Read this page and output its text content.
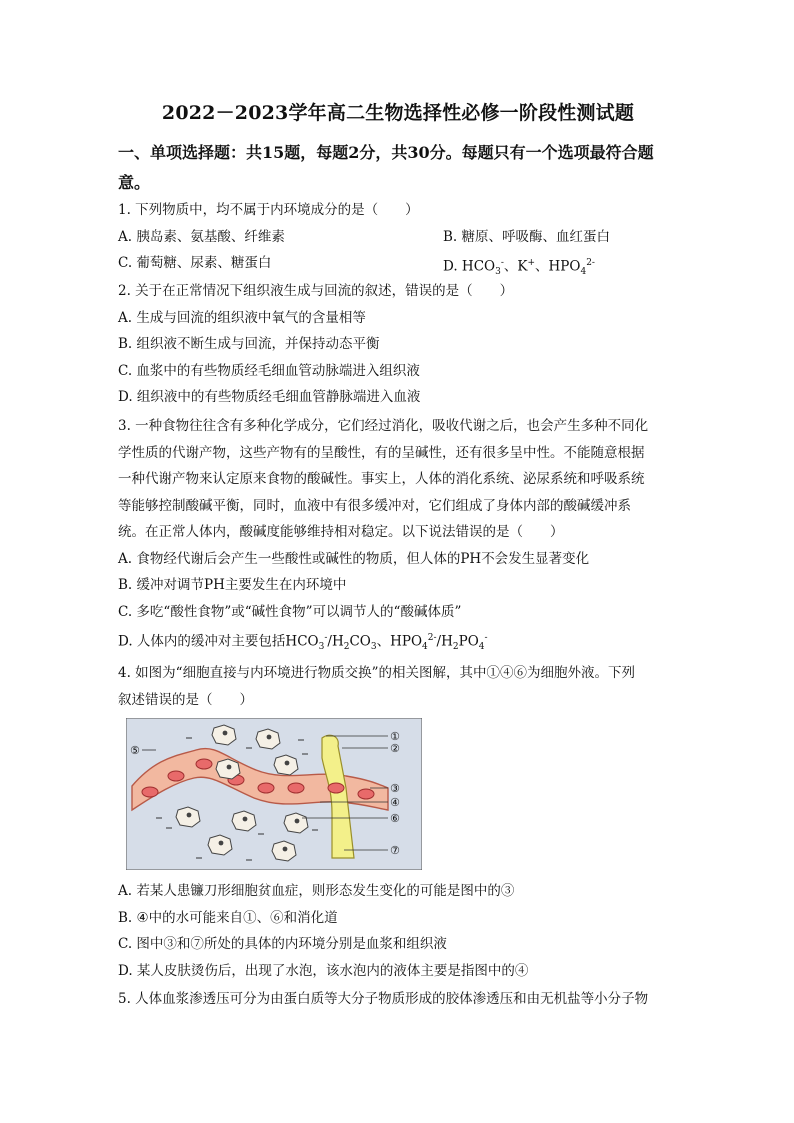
2022－2023学年高二生物选择性必修一阶段性测试题
一、单项选择题：共15题，每题2分，共30分。每题只有一个选项最符合题意。
1. 下列物质中，均不属于内环境成分的是（　　）
A. 胰岛素、氨基酸、纤维素	B. 糖原、呼吸酶、血红蛋白
C. 葡萄糖、尿素、糖蛋白	D. $HCO_3^-$、K+、$HPO_4^{2-}$
2. 关于在正常情况下组织液生成与回流的叙述，错误的是（　　）
A. 生成与回流的组织液中氧气的含量相等
B. 组织液不断生成与回流，并保持动态平衡
C. 血浆中的有些物质经毛细血管动脉端进入组织液
D. 组织液中的有些物质经毛细血管静脉端进入血液
3. 一种食物往往含有多种化学成分，它们经过消化，吸收代谢之后，也会产生多种不同化
学性质的代谢产物，这些产物有的呈酸性，有的呈碱性，还有很多呈中性。不能随意根据
一种代谢产物来认定原来食物的酸碱性。事实上，人体的消化系统、泌尿系统和呼吸系统
等能够控制酸碱平衡，同时，血液中有很多缓冲对，它们组成了身体内部的酸碱缓冲系
统。在正常人体内，酸碱度能够维持相对稳定。以下说法错误的是（　　）
A. 食物经代谢后会产生一些酸性或碱性的物质，但人体的PH不会发生显著变化
B. 缓冲对调节PH主要发生在内环境中
C. 多吃“酸性食物”或“碱性食物”可以调节人的“酸碱体质”
D. 人体内的缓冲对主要包括$HCO_3^-/H_2CO_3$、$HPO_4^{2-}/H_2PO_4^-$
4. 如图为“细胞直接与内环境进行物质交换”的相关图解，其中①④⑥为细胞外液。下列
叙述错误的是（　　）
①
②
③
④
⑤
⑥
⑦
A. 若某人患镰刀形细胞贫血症，则形态发生变化的可能是图中的③
B. ④中的水可能来自①、⑥和消化道
C. 图中③和⑦所处的具体的内环境分别是血浆和组织液
D. 某人皮肤烫伤后，出现了水泡，该水泡内的液体主要是指图中的④
5. 人体血浆渗透压可分为由蛋白质等大分子物质形成的胶体渗透压和由无机盐等小分子物
